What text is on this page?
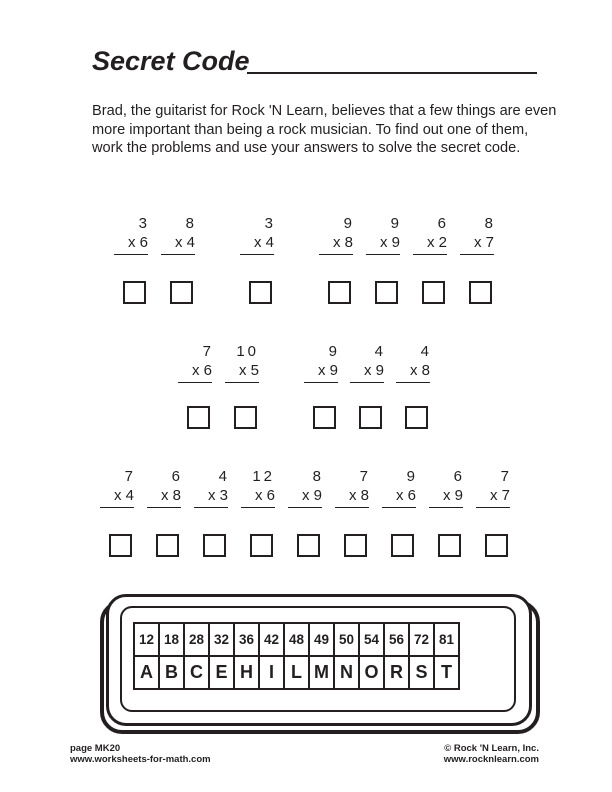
Secret Code
Brad, the guitarist for Rock 'N Learn, believes that a few things are even more important than being a rock musician. To find out one of them, work the problems and use your answers to solve the secret code.
3
x 6
8
x 4
3
x 4
9
x 8
9
x 9
6
x 2
8
x 7
7
x 6
10
x 5
9
x 9
4
x 9
4
x 8
7
x 4
6
x 8
4
x 3
12
x 6
8
x 9
7
x 8
9
x 6
6
x 9
7
x 7
12	18	28	32	36	42	48	49	50	54	56	72	81
A	B	C	E	H	I	L	M	N	O	R	S	T
page MK20
www.worksheets-for-math.com
© Rock 'N Learn, Inc.
www.rocknlearn.com
